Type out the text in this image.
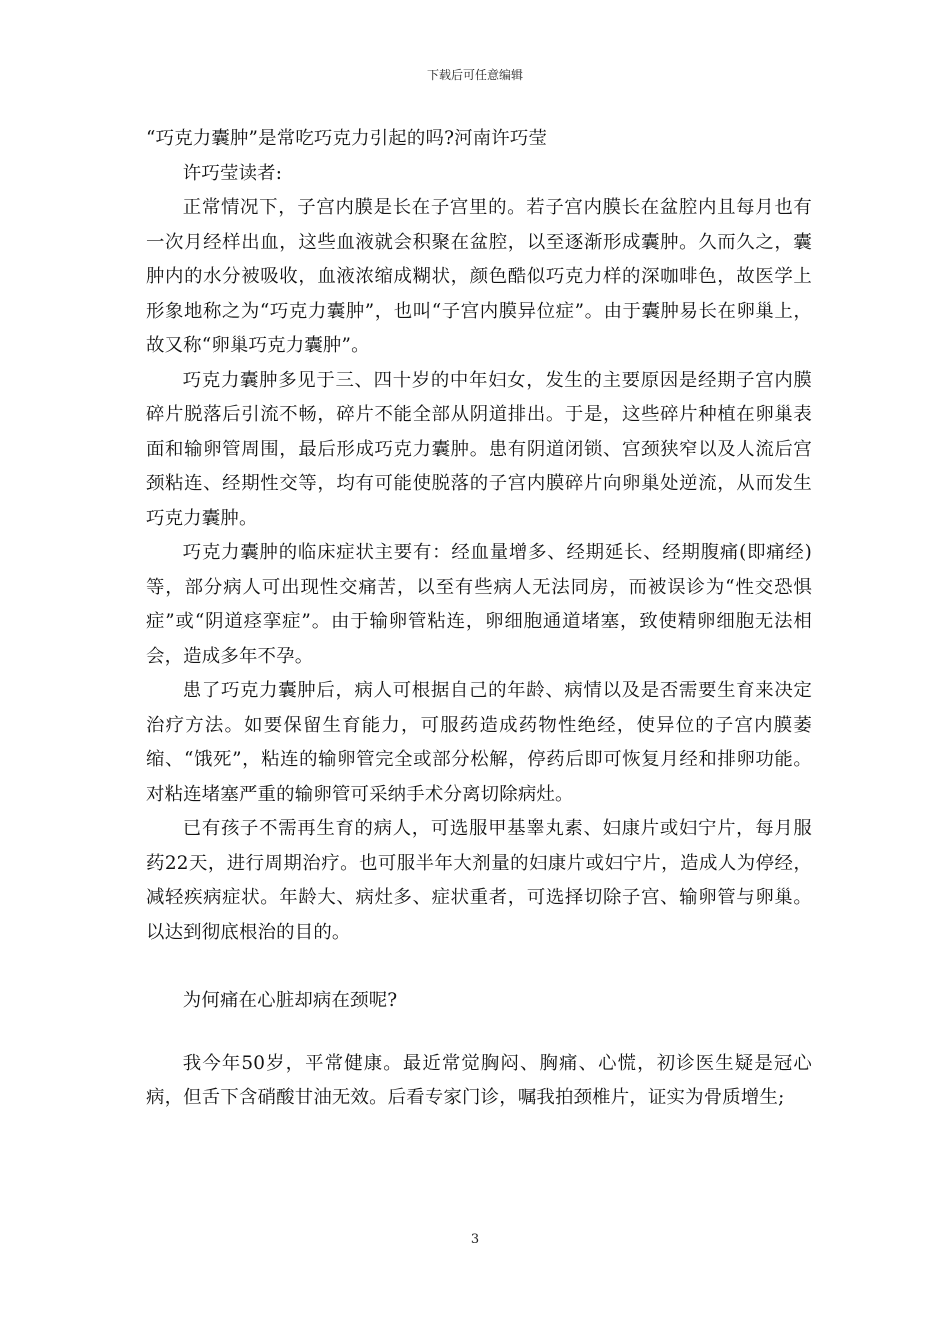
下载后可任意编辑

“巧克力囊肿”是常吃巧克力引起的吗?河南许巧莹

许巧莹读者:

正常情况下，子宫内膜是长在子宫里的。若子宫内膜长在盆腔内且每月也有一次月经样出血，这些血液就会积聚在盆腔，以至逐渐形成囊肿。久而久之，囊肿内的水分被吸收，血液浓缩成糊状，颜色酷似巧克力样的深咖啡色，故医学上形象地称之为“巧克力囊肿”，也叫“子宫内膜异位症”。由于囊肿易长在卵巢上，故又称“卵巢巧克力囊肿”。

巧克力囊肿多见于三、四十岁的中年妇女，发生的主要原因是经期子宫内膜碎片脱落后引流不畅，碎片不能全部从阴道排出。于是，这些碎片种植在卵巢表面和输卵管周围，最后形成巧克力囊肿。患有阴道闭锁、宫颈狭窄以及人流后宫颈粘连、经期性交等，均有可能使脱落的子宫内膜碎片向卵巢处逆流，从而发生巧克力囊肿。

巧克力囊肿的临床症状主要有：经血量增多、经期延长、经期腹痛(即痛经)等，部分病人可出现性交痛苦，以至有些病人无法同房，而被误诊为“性交恐惧症”或“阴道痉挛症”。由于输卵管粘连，卵细胞通道堵塞，致使精卵细胞无法相会，造成多年不孕。

患了巧克力囊肿后，病人可根据自己的年龄、病情以及是否需要生育来决定治疗方法。如要保留生育能力，可服药造成药物性绝经，使异位的子宫内膜萎缩、“饿死”，粘连的输卵管完全或部分松解，停药后即可恢复月经和排卵功能。对粘连堵塞严重的输卵管可采纳手术分离切除病灶。

已有孩子不需再生育的病人，可选服甲基睾丸素、妇康片或妇宁片，每月服药22天，进行周期治疗。也可服半年大剂量的妇康片或妇宁片，造成人为停经，减轻疾病症状。年龄大、病灶多、症状重者，可选择切除子宫、输卵管与卵巢。以达到彻底根治的目的。

为何痛在心脏却病在颈呢?

我今年50岁，平常健康。最近常觉胸闷、胸痛、心慌，初诊医生疑是冠心病，但舌下含硝酸甘油无效。后看专家门诊，嘱我拍颈椎片，证实为骨质增生;

3
